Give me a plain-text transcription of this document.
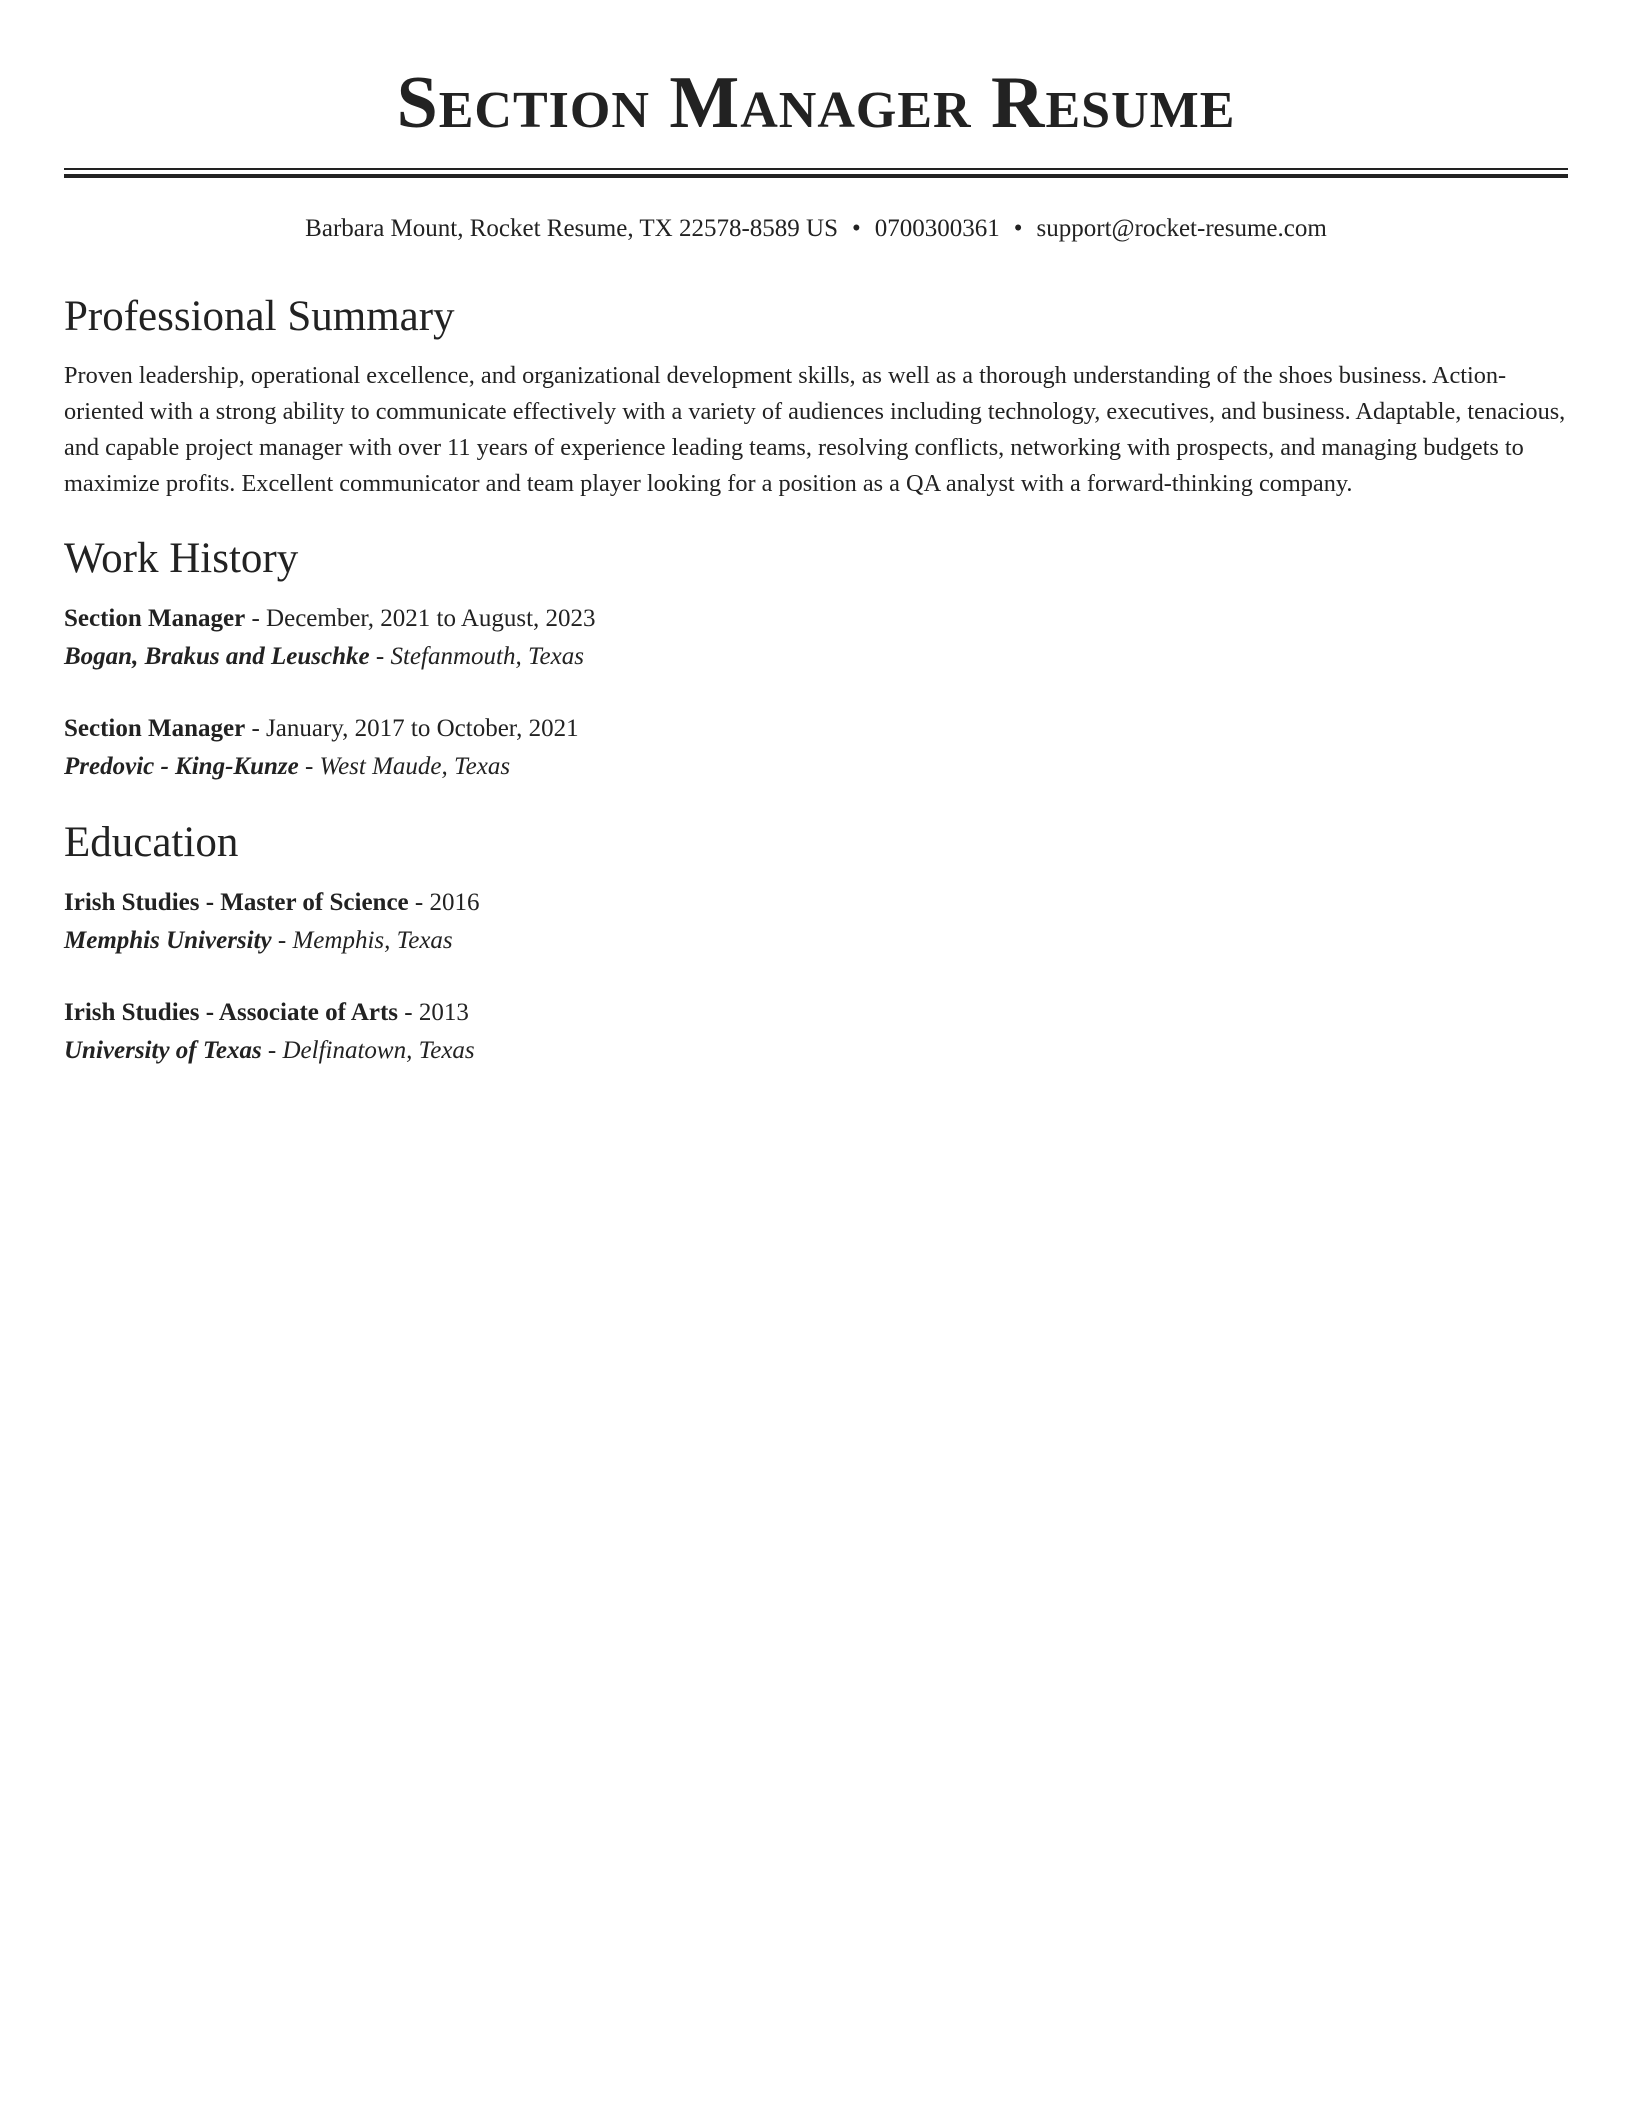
Section Manager Resume
Barbara Mount, Rocket Resume, TX 22578-8589 US • 0700300361 • support@rocket-resume.com
Professional Summary

Proven leadership, operational excellence, and organizational development skills, as well as a thorough understanding of the shoes business. Action-oriented with a strong ability to communicate effectively with a variety of audiences including technology, executives, and business. Adaptable, tenacious, and capable project manager with over 11 years of experience leading teams, resolving conflicts, networking with prospects, and managing budgets to maximize profits. Excellent communicator and team player looking for a position as a QA analyst with a forward-thinking company.

Work History
Section Manager - December, 2021 to August, 2023
Bogan, Brakus and Leuschke - Stefanmouth, Texas
Section Manager - January, 2017 to October, 2021
Predovic - King-Kunze - West Maude, Texas
Education
Irish Studies - Master of Science - 2016
Memphis University - Memphis, Texas
Irish Studies - Associate of Arts - 2013
University of Texas - Delfinatown, Texas
